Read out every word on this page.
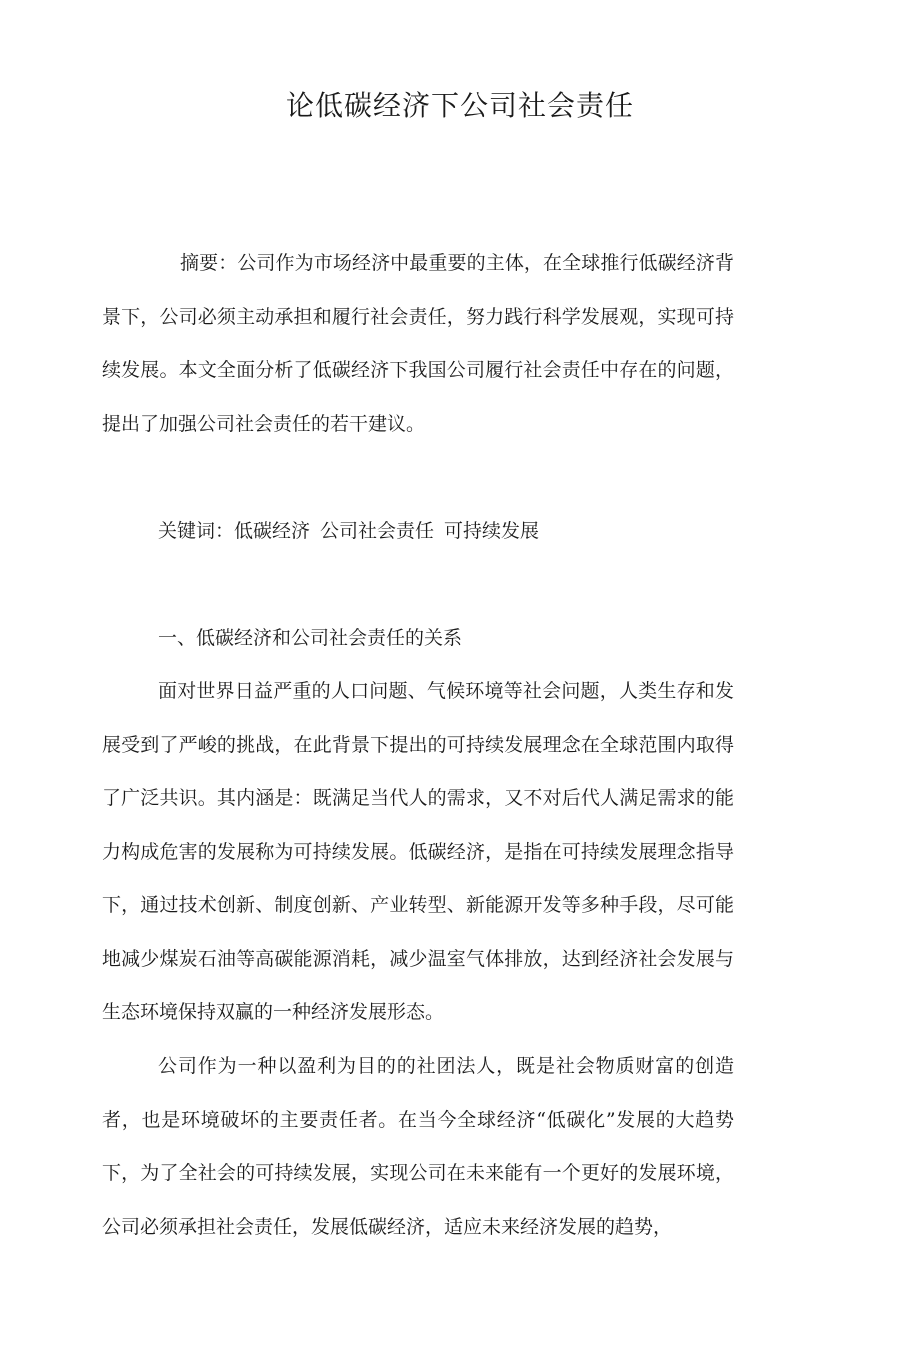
论低碳经济下公司社会责任

摘要：公司作为市场经济中最重要的主体，在全球推行低碳经济背景下，公司必须主动承担和履行社会责任，努力践行科学发展观，实现可持续发展。本文全面分析了低碳经济下我国公司履行社会责任中存在的问题，提出了加强公司社会责任的若干建议。

关键词：低碳经济 公司社会责任 可持续发展

一、低碳经济和公司社会责任的关系

面对世界日益严重的人口问题、气候环境等社会问题，人类生存和发展受到了严峻的挑战，在此背景下提出的可持续发展理念在全球范围内取得了广泛共识。其内涵是：既满足当代人的需求，又不对后代人满足需求的能力构成危害的发展称为可持续发展。低碳经济，是指在可持续发展理念指导下，通过技术创新、制度创新、产业转型、新能源开发等多种手段，尽可能地减少煤炭石油等高碳能源消耗，减少温室气体排放，达到经济社会发展与生态环境保持双赢的一种经济发展形态。

公司作为一种以盈利为目的的社团法人，既是社会物质财富的创造者，也是环境破坏的主要责任者。在当今全球经济“低碳化”发展的大趋势下，为了全社会的可持续发展，实现公司在未来能有一个更好的发展环境，公司必须承担社会责任，发展低碳经济，适应未来经济发展的趋势，
